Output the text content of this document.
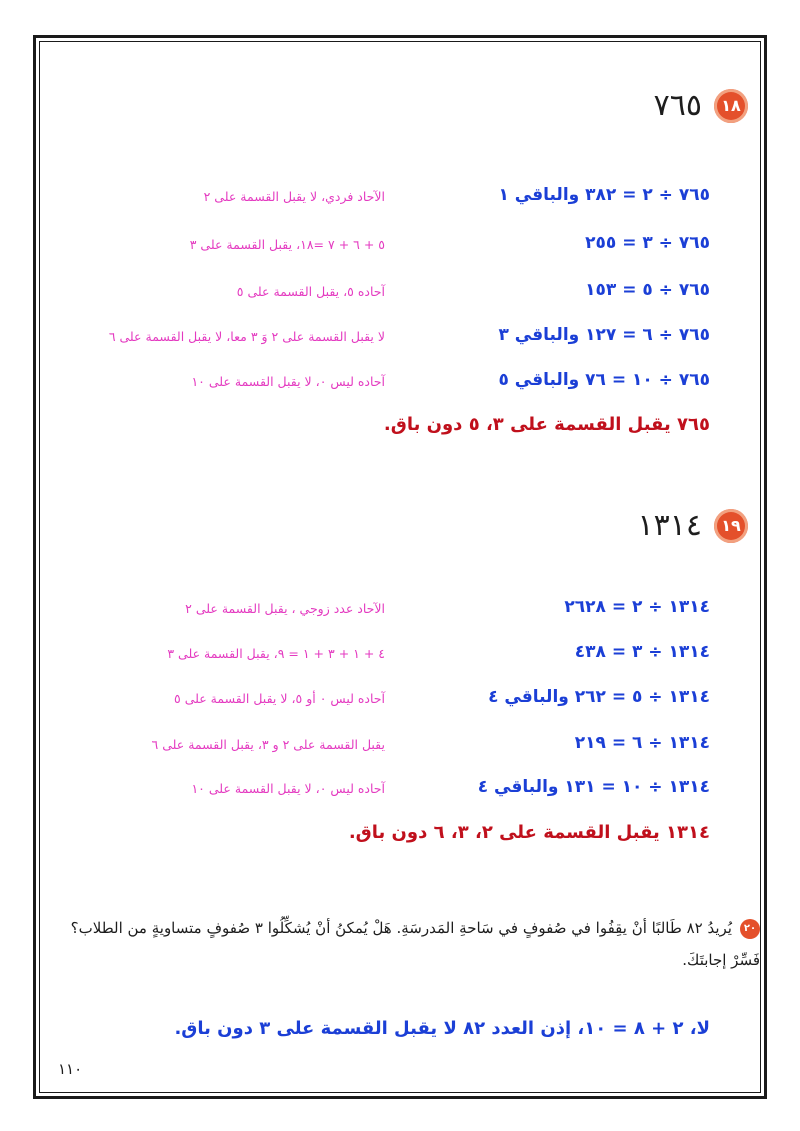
١٨
٧٦٥
الآحاد فردي، لا يقبل القسمة على ٢	٧٦٥ ÷ ٢ = ٣٨٢ والباقي ١
٥ + ٦ + ٧ =١٨، يقبل القسمة على ٣	٧٦٥ ÷ ٣ = ٢٥٥
آحاده ٥، يقبل القسمة على ٥	٧٦٥ ÷ ٥ = ١٥٣
لا يقبل القسمة على ٢ وَ ٣ معا، لا يقبل القسمة على ٦	٧٦٥ ÷ ٦ = ١٢٧ والباقي ٣
آحاده ليس ٠، لا يقبل القسمة على ١٠	٧٦٥ ÷ ١٠ = ٧٦ والباقي ٥
٧٦٥ يقبل القسمة على ٣، ٥ دون باق.
١٩
١٣١٤
الآحاد عدد زوجي ، يقبل القسمة على ٢	١٣١٤ ÷ ٢ = ٢٦٢٨
٤ + ١ + ٣ + ١ = ٩، يقبل القسمة على ٣	١٣١٤ ÷ ٣ = ٤٣٨
آحاده ليس ٠ أو ٥، لا يقبل القسمة على ٥	١٣١٤ ÷ ٥ = ٢٦٢ والباقي ٤
يقبل القسمة على ٢ و ٣، يقبل القسمة على ٦	١٣١٤ ÷ ٦ = ٢١٩
آحاده ليس ٠، لا يقبل القسمة على ١٠	١٣١٤ ÷ ١٠ = ١٣١ والباقي ٤
١٣١٤ يقبل القسمة على ٢، ٣، ٦ دون باق.
٢٠يُريدُ ٨٢ طَالبًا أنْ يقِفُوا في صُفوفٍ في سَاحةِ المَدرسَةِ. هَلْ يُمكنُ أنْ يُشكِّلُوا ٣ صُفوفٍ متساويةٍ من الطلاب؟ فَسِّرْ إجابتَكَ.
لا، ٢ + ٨ = ١٠، إذن العدد ٨٢ لا يقبل القسمة على ٣ دون باق.
١١٠
